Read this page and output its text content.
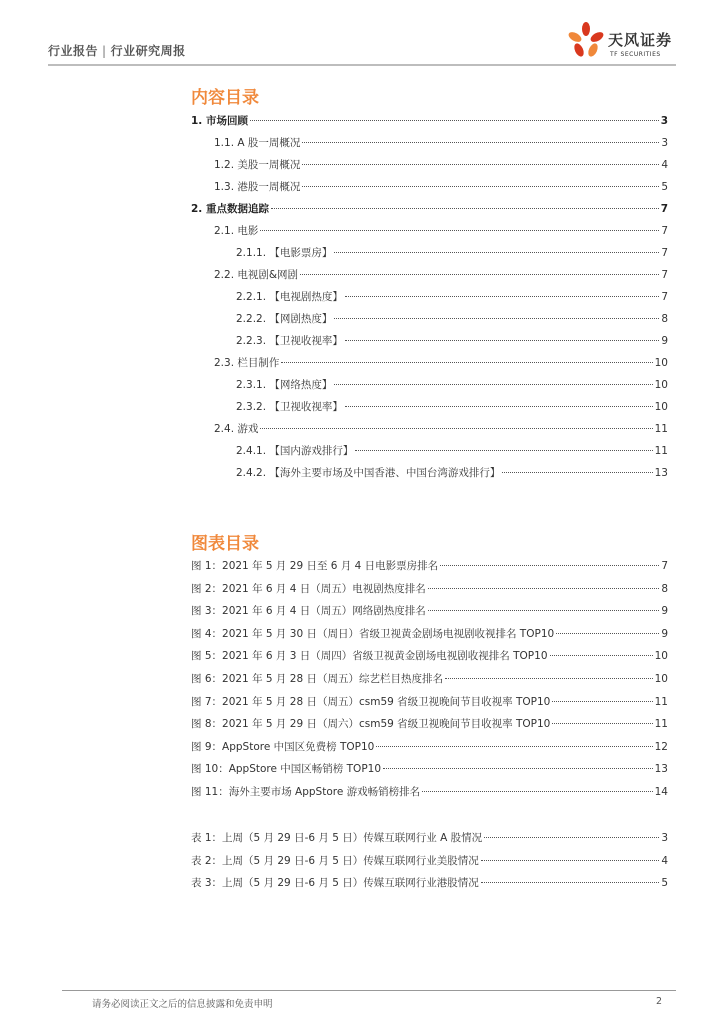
行业报告 | 行业研究周报
天风证券
TF SECURITIES
内容目录
1. 市场回顾	3
1.1. A 股一周概况	3
1.2. 美股一周概况	4
1.3. 港股一周概况	5
2. 重点数据追踪	7
2.1. 电影	7
2.1.1. 【电影票房】	7
2.2. 电视剧&网剧	7
2.2.1. 【电视剧热度】	7
2.2.2. 【网剧热度】	8
2.2.3. 【卫视收视率】	9
2.3. 栏目制作	10
2.3.1. 【网络热度】	10
2.3.2. 【卫视收视率】	10
2.4. 游戏	11
2.4.1. 【国内游戏排行】	11
2.4.2. 【海外主要市场及中国香港、中国台湾游戏排行】	13
图表目录
图 1：2021 年 5 月 29 日至 6 月 4 日电影票房排名	7
图 2：2021 年 6 月 4 日（周五）电视剧热度排名	8
图 3：2021 年 6 月 4 日（周五）网络剧热度排名	9
图 4：2021 年 5 月 30 日（周日）省级卫视黄金剧场电视剧收视排名 TOP10	9
图 5：2021 年 6 月 3 日（周四）省级卫视黄金剧场电视剧收视排名 TOP10	10
图 6：2021 年 5 月 28 日（周五）综艺栏目热度排名	10
图 7：2021 年 5 月 28 日（周五）csm59 省级卫视晚间节目收视率 TOP10	11
图 8：2021 年 5 月 29 日（周六）csm59 省级卫视晚间节目收视率 TOP10	11
图 9：AppStore 中国区免费榜 TOP10	12
图 10：AppStore 中国区畅销榜 TOP10	13
图 11：海外主要市场 AppStore 游戏畅销榜排名	14
表 1：上周（5 月 29 日-6 月 5 日）传媒互联网行业 A 股情况	3
表 2：上周（5 月 29 日-6 月 5 日）传媒互联网行业美股情况	4
表 3：上周（5 月 29 日-6 月 5 日）传媒互联网行业港股情况	5
请务必阅读正文之后的信息披露和免责申明	2
